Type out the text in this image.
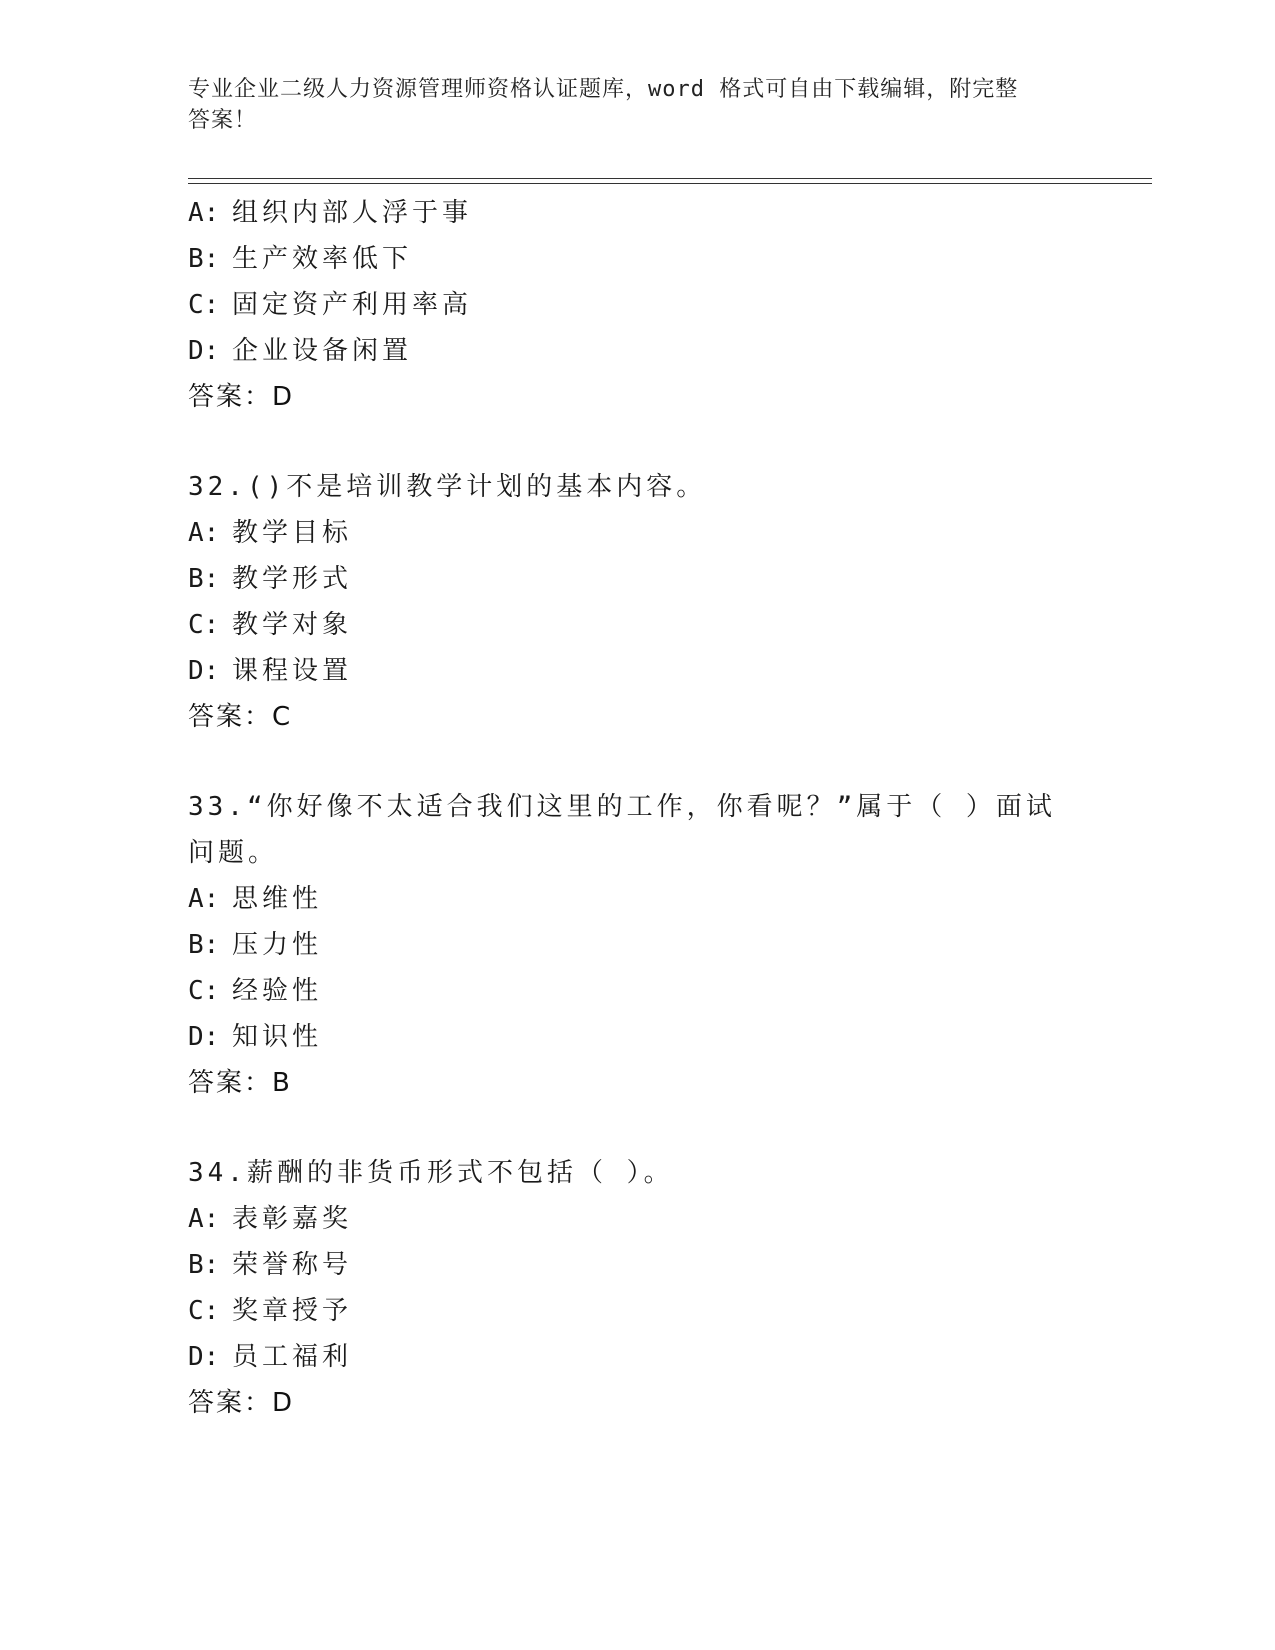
专业企业二级人力资源管理师资格认证题库，word 格式可自由下载编辑，附完整
答案！
A: 组织内部人浮于事
B: 生产效率低下
C: 固定资产利用率高
D: 企业设备闲置
答案：D
32.()不是培训教学计划的基本内容。
A: 教学目标
B: 教学形式
C: 教学对象
D: 课程设置
答案：C
33.“你好像不太适合我们这里的工作，你看呢？”属于（ ）面试
问题。
A: 思维性
B: 压力性
C: 经验性
D: 知识性
答案：B
34.薪酬的非货币形式不包括（ ）。
A: 表彰嘉奖
B: 荣誉称号
C: 奖章授予
D: 员工福利
答案：D
